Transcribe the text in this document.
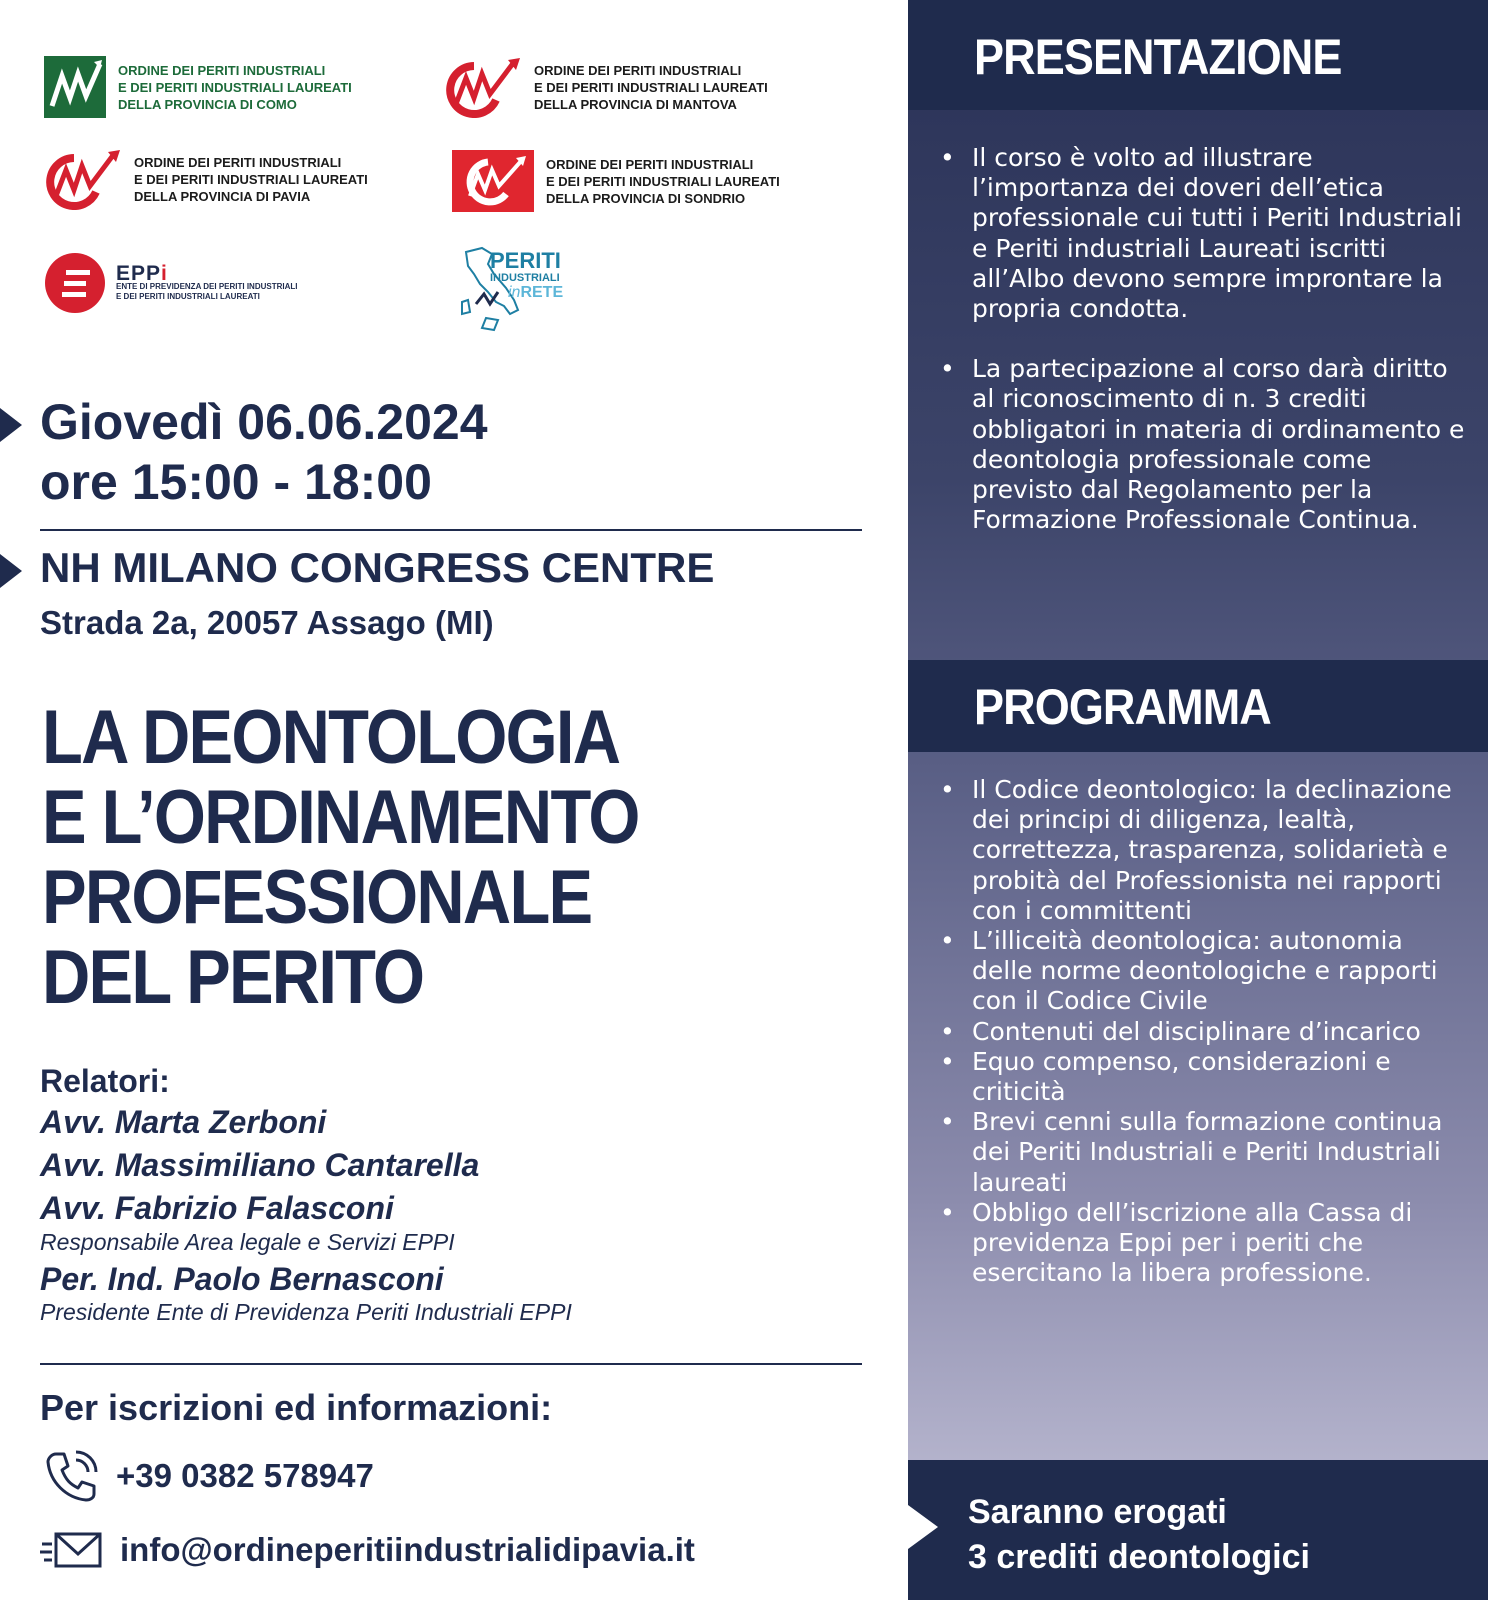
ORDINE DEI PERITI INDUSTRIALI
E DEI PERITI INDUSTRIALI LAUREATI
DELLA PROVINCIA DI COMO
ORDINE DEI PERITI INDUSTRIALI
E DEI PERITI INDUSTRIALI LAUREATI
DELLA PROVINCIA DI MANTOVA
ORDINE DEI PERITI INDUSTRIALI
E DEI PERITI INDUSTRIALI LAUREATI
DELLA PROVINCIA DI PAVIA
ORDINE DEI PERITI INDUSTRIALI
E DEI PERITI INDUSTRIALI LAUREATI
DELLA PROVINCIA DI SONDRIO
EPPi
ENTE DI PREVIDENZA DEI PERITI INDUSTRIALI
E DEI PERITI INDUSTRIALI LAUREATI
PERITI
INDUSTRIALI
inRETE
Giovedì 06.06.2024
ore 15:00 - 18:00
NH MILANO CONGRESS CENTRE
Strada 2a, 20057 Assago (MI)
LA DEONTOLOGIA
E L’ORDINAMENTO
PROFESSIONALE
DEL PERITO
Relatori:
Avv. Marta Zerboni
Avv. Massimiliano Cantarella
Avv. Fabrizio Falasconi
Responsabile Area legale e Servizi EPPI
Per. Ind. Paolo Bernasconi
Presidente Ente di Previdenza Periti Industriali EPPI
Per iscrizioni ed informazioni:
+39 0382 578947
info@ordineperitiindustrialidipavia.it
PRESENTAZIONE
• Il corso è volto ad illustrare l’importanza dei doveri dell’etica professionale cui tutti i Periti Industriali e Periti industriali Laureati iscritti all’Albo devono sempre improntare la propria condotta.
• La partecipazione al corso darà diritto al riconoscimento di n. 3 crediti obbligatori in materia di ordinamento e deontologia professionale come previsto dal Regolamento per la Formazione Professionale Continua.
PROGRAMMA
• Il Codice deontologico: la declinazione dei principi di diligenza, lealtà, correttezza, trasparenza, solidarietà e probità del Professionista nei rapporti con i committenti
• L’illiceità deontologica: autonomia delle norme deontologiche e rapporti con il Codice Civile
• Contenuti del disciplinare d’incarico
• Equo compenso, considerazioni e criticità
• Brevi cenni sulla formazione continua dei Periti Industriali e Periti Industriali laureati
• Obbligo dell’iscrizione alla Cassa di previdenza Eppi per i periti che esercitano la libera professione.
Saranno erogati
3 crediti deontologici
